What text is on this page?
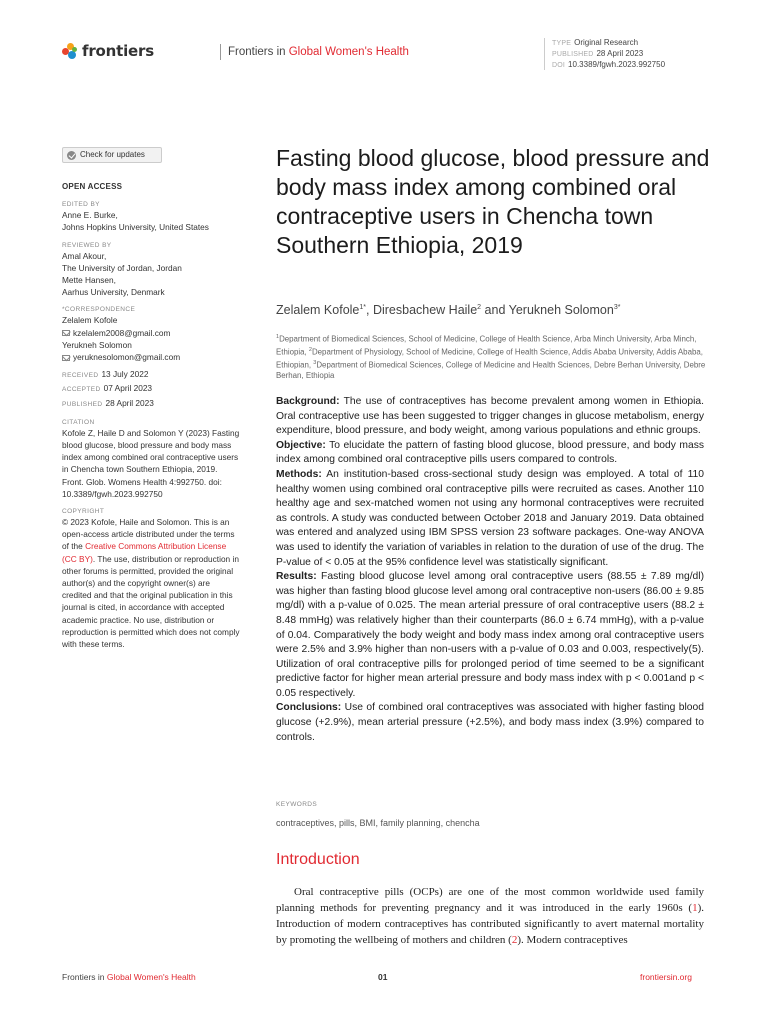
frontiers	Frontiers in Global Women's Health
TYPE Original Research
PUBLISHED 28 April 2023
DOI 10.3389/fgwh.2023.992750
Check for updates
OPEN ACCESS
EDITED BY
Anne E. Burke,
Johns Hopkins University, United States
REVIEWED BY
Amal Akour,
The University of Jordan, Jordan
Mette Hansen,
Aarhus University, Denmark
*CORRESPONDENCE
Zelalem Kofole
kzelalem2008@gmail.com
Yerukneh Solomon
yeruknesolomon@gmail.com
RECEIVED 13 July 2022
ACCEPTED 07 April 2023
PUBLISHED 28 April 2023
CITATION
Kofole Z, Haile D and Solomon Y (2023) Fasting blood glucose, blood pressure and body mass index among combined oral contraceptive users in Chencha town Southern Ethiopia, 2019. Front. Glob. Womens Health 4:992750. doi: 10.3389/fgwh.2023.992750
COPYRIGHT
© 2023 Kofole, Haile and Solomon. This is an open-access article distributed under the terms of the Creative Commons Attribution License (CC BY). The use, distribution or reproduction in other forums is permitted, provided the original author(s) and the copyright owner(s) are credited and that the original publication in this journal is cited, in accordance with accepted academic practice. No use, distribution or reproduction is permitted which does not comply with these terms.
Fasting blood glucose, blood pressure and body mass index among combined oral contraceptive users in Chencha town Southern Ethiopia, 2019
Zelalem Kofole$^{1*}$, Diresbachew Haile$^2$ and Yerukneh Solomon$^{3*}$
$^1$Department of Biomedical Sciences, School of Medicine, College of Health Science, Arba Minch University, Arba Minch, Ethiopia, $^2$Department of Physiology, School of Medicine, College of Health Science, Addis Ababa University, Addis Ababa, Ethiopian, $^3$Department of Biomedical Sciences, College of Medicine and Health Sciences, Debre Berhan University, Debre Berhan, Ethiopia

Background: The use of contraceptives has become prevalent among women in Ethiopia. Oral contraceptive use has been suggested to trigger changes in glucose metabolism, energy expenditure, blood pressure, and body weight, among various populations and ethnic groups.

Objective: To elucidate the pattern of fasting blood glucose, blood pressure, and body mass index among combined oral contraceptive pills users compared to controls.

Methods: An institution-based cross-sectional study design was employed. A total of 110 healthy women using combined oral contraceptive pills were recruited as cases. Another 110 healthy age and sex-matched women not using any hormonal contraceptives were recruited as controls. A study was conducted between October 2018 and January 2019. Data obtained was entered and analyzed using IBM SPSS version 23 software packages. One-way ANOVA was used to identify the variation of variables in relation to the duration of use of the drug. The P-value of < 0.05 at the 95% confidence level was statistically significant.

Results: Fasting blood glucose level among oral contraceptive users (88.55 ± 7.89 mg/dl) was higher than fasting blood glucose level among oral contraceptive non-users (86.00 ± 9.85 mg/dl) with a p-value of 0.025. The mean arterial pressure of oral contraceptive users (88.2 ± 8.48 mmHg) was relatively higher than their counterparts (86.0 ± 6.74 mmHg), with a p-value of 0.04. Comparatively the body weight and body mass index among oral contraceptive users were 2.5% and 3.9% higher than non-users with a p-value of 0.03 and 0.003, respectively(5). Utilization of oral contraceptive pills for prolonged period of time seemed to be a significant predictive factor for higher mean arterial pressure and body mass index with p < 0.001and p < 0.05 respectively.

Conclusions: Use of combined oral contraceptives was associated with higher fasting blood glucose (+2.9%), mean arterial pressure (+2.5%), and body mass index (3.9%) compared to controls.

KEYWORDS
contraceptives, pills, BMI, family planning, chencha
Introduction
Oral contraceptive pills (OCPs) are one of the most common worldwide used family planning methods for preventing pregnancy and it was introduced in the early 1960s (1). Introduction of modern contraceptives has contributed significantly to avert maternal mortality by promoting the wellbeing of mothers and children (2). Modern contraceptives
Frontiers in Global Women's Health	01	frontiersin.org
